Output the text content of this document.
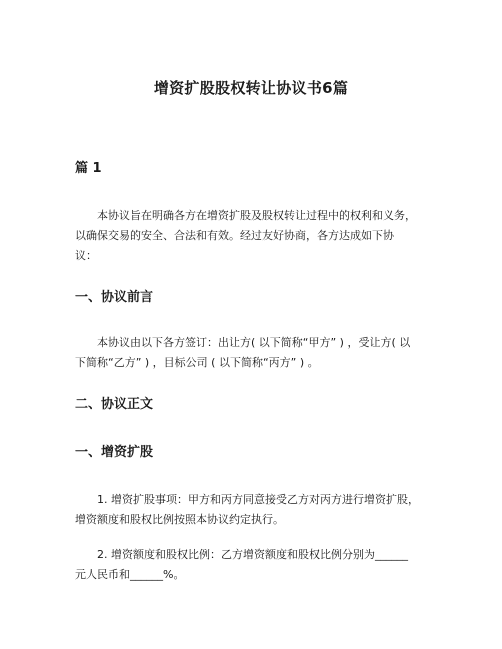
增资扩股股权转让协议书6篇
篇 1
本协议旨在明确各方在增资扩股及股权转让过程中的权利和义务，
以确保交易的安全、合法和有效。经过友好协商，各方达成如下协
议：
一、协议前言
本协议由以下各方签订：出让方( 以下简称“甲方” ) ，受让方( 以
下简称“乙方” ) ，目标公司 ( 以下简称“丙方” ) 。
二、协议正文
一、增资扩股
1. 增资扩股事项：甲方和丙方同意接受乙方对丙方进行增资扩股，
增资额度和股权比例按照本协议约定执行。
2. 增资额度和股权比例：乙方增资额度和股权比例分别为______
元人民币和______%。
